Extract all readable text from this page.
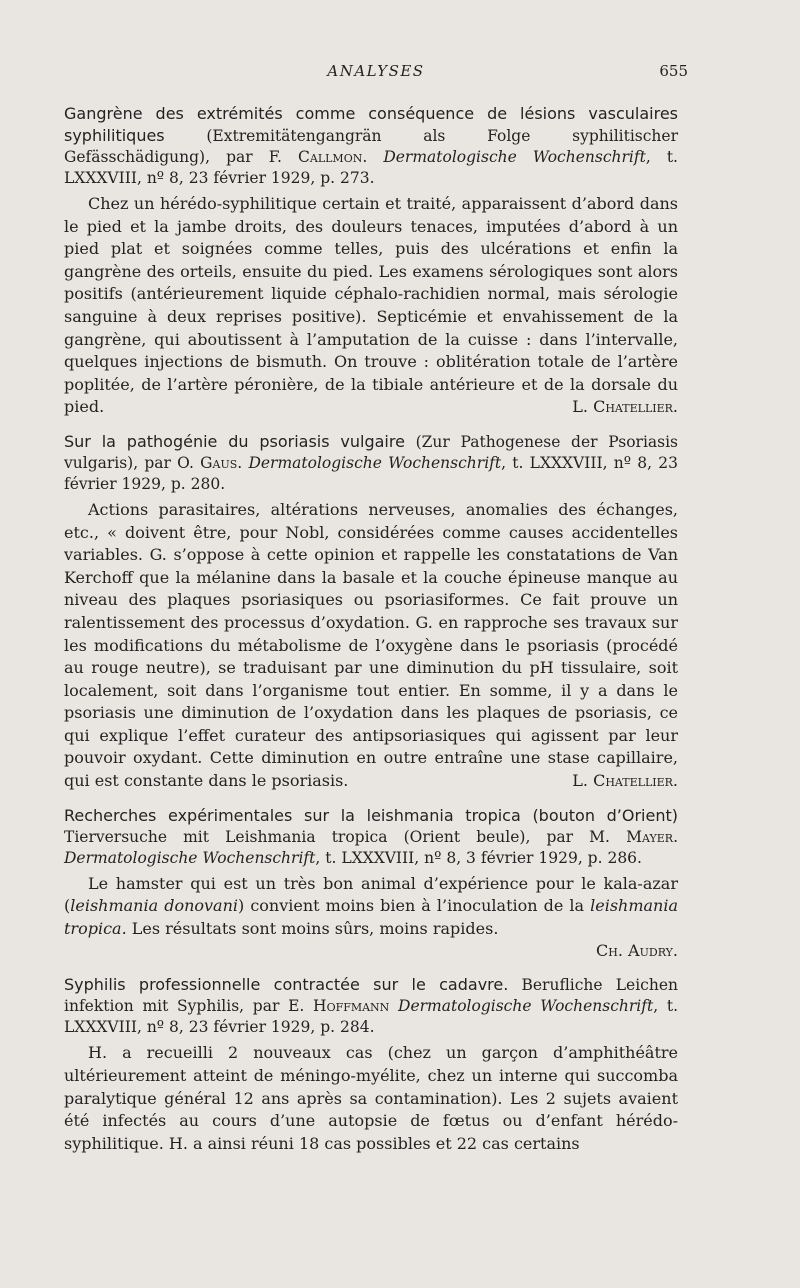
ANALYSES	655

Gangrène des extrémités comme conséquence de lésions vasculaires syphilitiques (Extremitätengangrän als Folge syphilitischer Gefässchädigung), par F. Callmon. Dermatologische Wochenschrift, t. LXXXVIII, nº 8, 23 février 1929, p. 273.

Chez un hérédo-syphilitique certain et traité, apparaissent d’abord dans le pied et la jambe droits, des douleurs tenaces, imputées d’abord à un pied plat et soignées comme telles, puis des ulcérations et enfin la gangrène des orteils, ensuite du pied. Les examens sérologiques sont alors positifs (antérieurement liquide céphalo-rachidien normal, mais sérologie sanguine à deux reprises positive). Septicémie et envahissement de la gangrène, qui aboutissent à l’amputation de la cuisse : dans l’intervalle, quelques injections de bismuth. On trouve : oblitération totale de l’artère poplitée, de l’artère péronière, de la tibiale antérieure et de la dorsale du pied.	L. Chatellier.

Sur la pathogénie du psoriasis vulgaire (Zur Pathogenese der Psoriasis vulgaris), par O. Gaus. Dermatologische Wochenschrift, t. LXXXVIII, nº 8, 23 février 1929, p. 280.

Actions parasitaires, altérations nerveuses, anomalies des échanges, etc., « doivent être, pour Nobl, considérées comme causes accidentelles variables. G. s’oppose à cette opinion et rappelle les constatations de Van Kerchoff que la mélanine dans la basale et la couche épineuse manque au niveau des plaques psoriasiques ou psoriasiformes. Ce fait prouve un ralentissement des processus d’oxydation. G. en rapproche ses travaux sur les modifications du métabolisme de l’oxygène dans le psoriasis (procédé au rouge neutre), se traduisant par une diminution du pH tissulaire, soit localement, soit dans l’organisme tout entier. En somme, il y a dans le psoriasis une diminution de l’oxydation dans les plaques de psoriasis, ce qui explique l’effet curateur des antipsoriasiques qui agissent par leur pouvoir oxydant. Cette diminution en outre entraîne une stase capillaire, qui est constante dans le psoriasis.	L. Chatellier.

Recherches expérimentales sur la leishmania tropica (bouton d’Orient) Tierversuche mit Leishmania tropica (Orient beule), par M. Mayer. Dermatologische Wochenschrift, t. LXXXVIII, nº 8, 3 février 1929, p. 286.

Le hamster qui est un très bon animal d’expérience pour le kala-azar (leishmania donovani) convient moins bien à l’inoculation de la leishmania tropica. Les résultats sont moins sûrs, moins rapides.

Ch. Audry.

Syphilis professionnelle contractée sur le cadavre. Berufliche Leichen infektion mit Syphilis, par E. Hoffmann Dermatologische Wochenschrift, t. LXXXVIII, nº 8, 23 février 1929, p. 284.

H. a recueilli 2 nouveaux cas (chez un garçon d’amphithéâtre ultérieurement atteint de méningo-myélite, chez un interne qui succomba paralytique général 12 ans après sa contamination). Les 2 sujets avaient été infectés au cours d’une autopsie de fœtus ou d’enfant hérédo-syphilitique. H. a ainsi réuni 18 cas possibles et 22 cas certains
